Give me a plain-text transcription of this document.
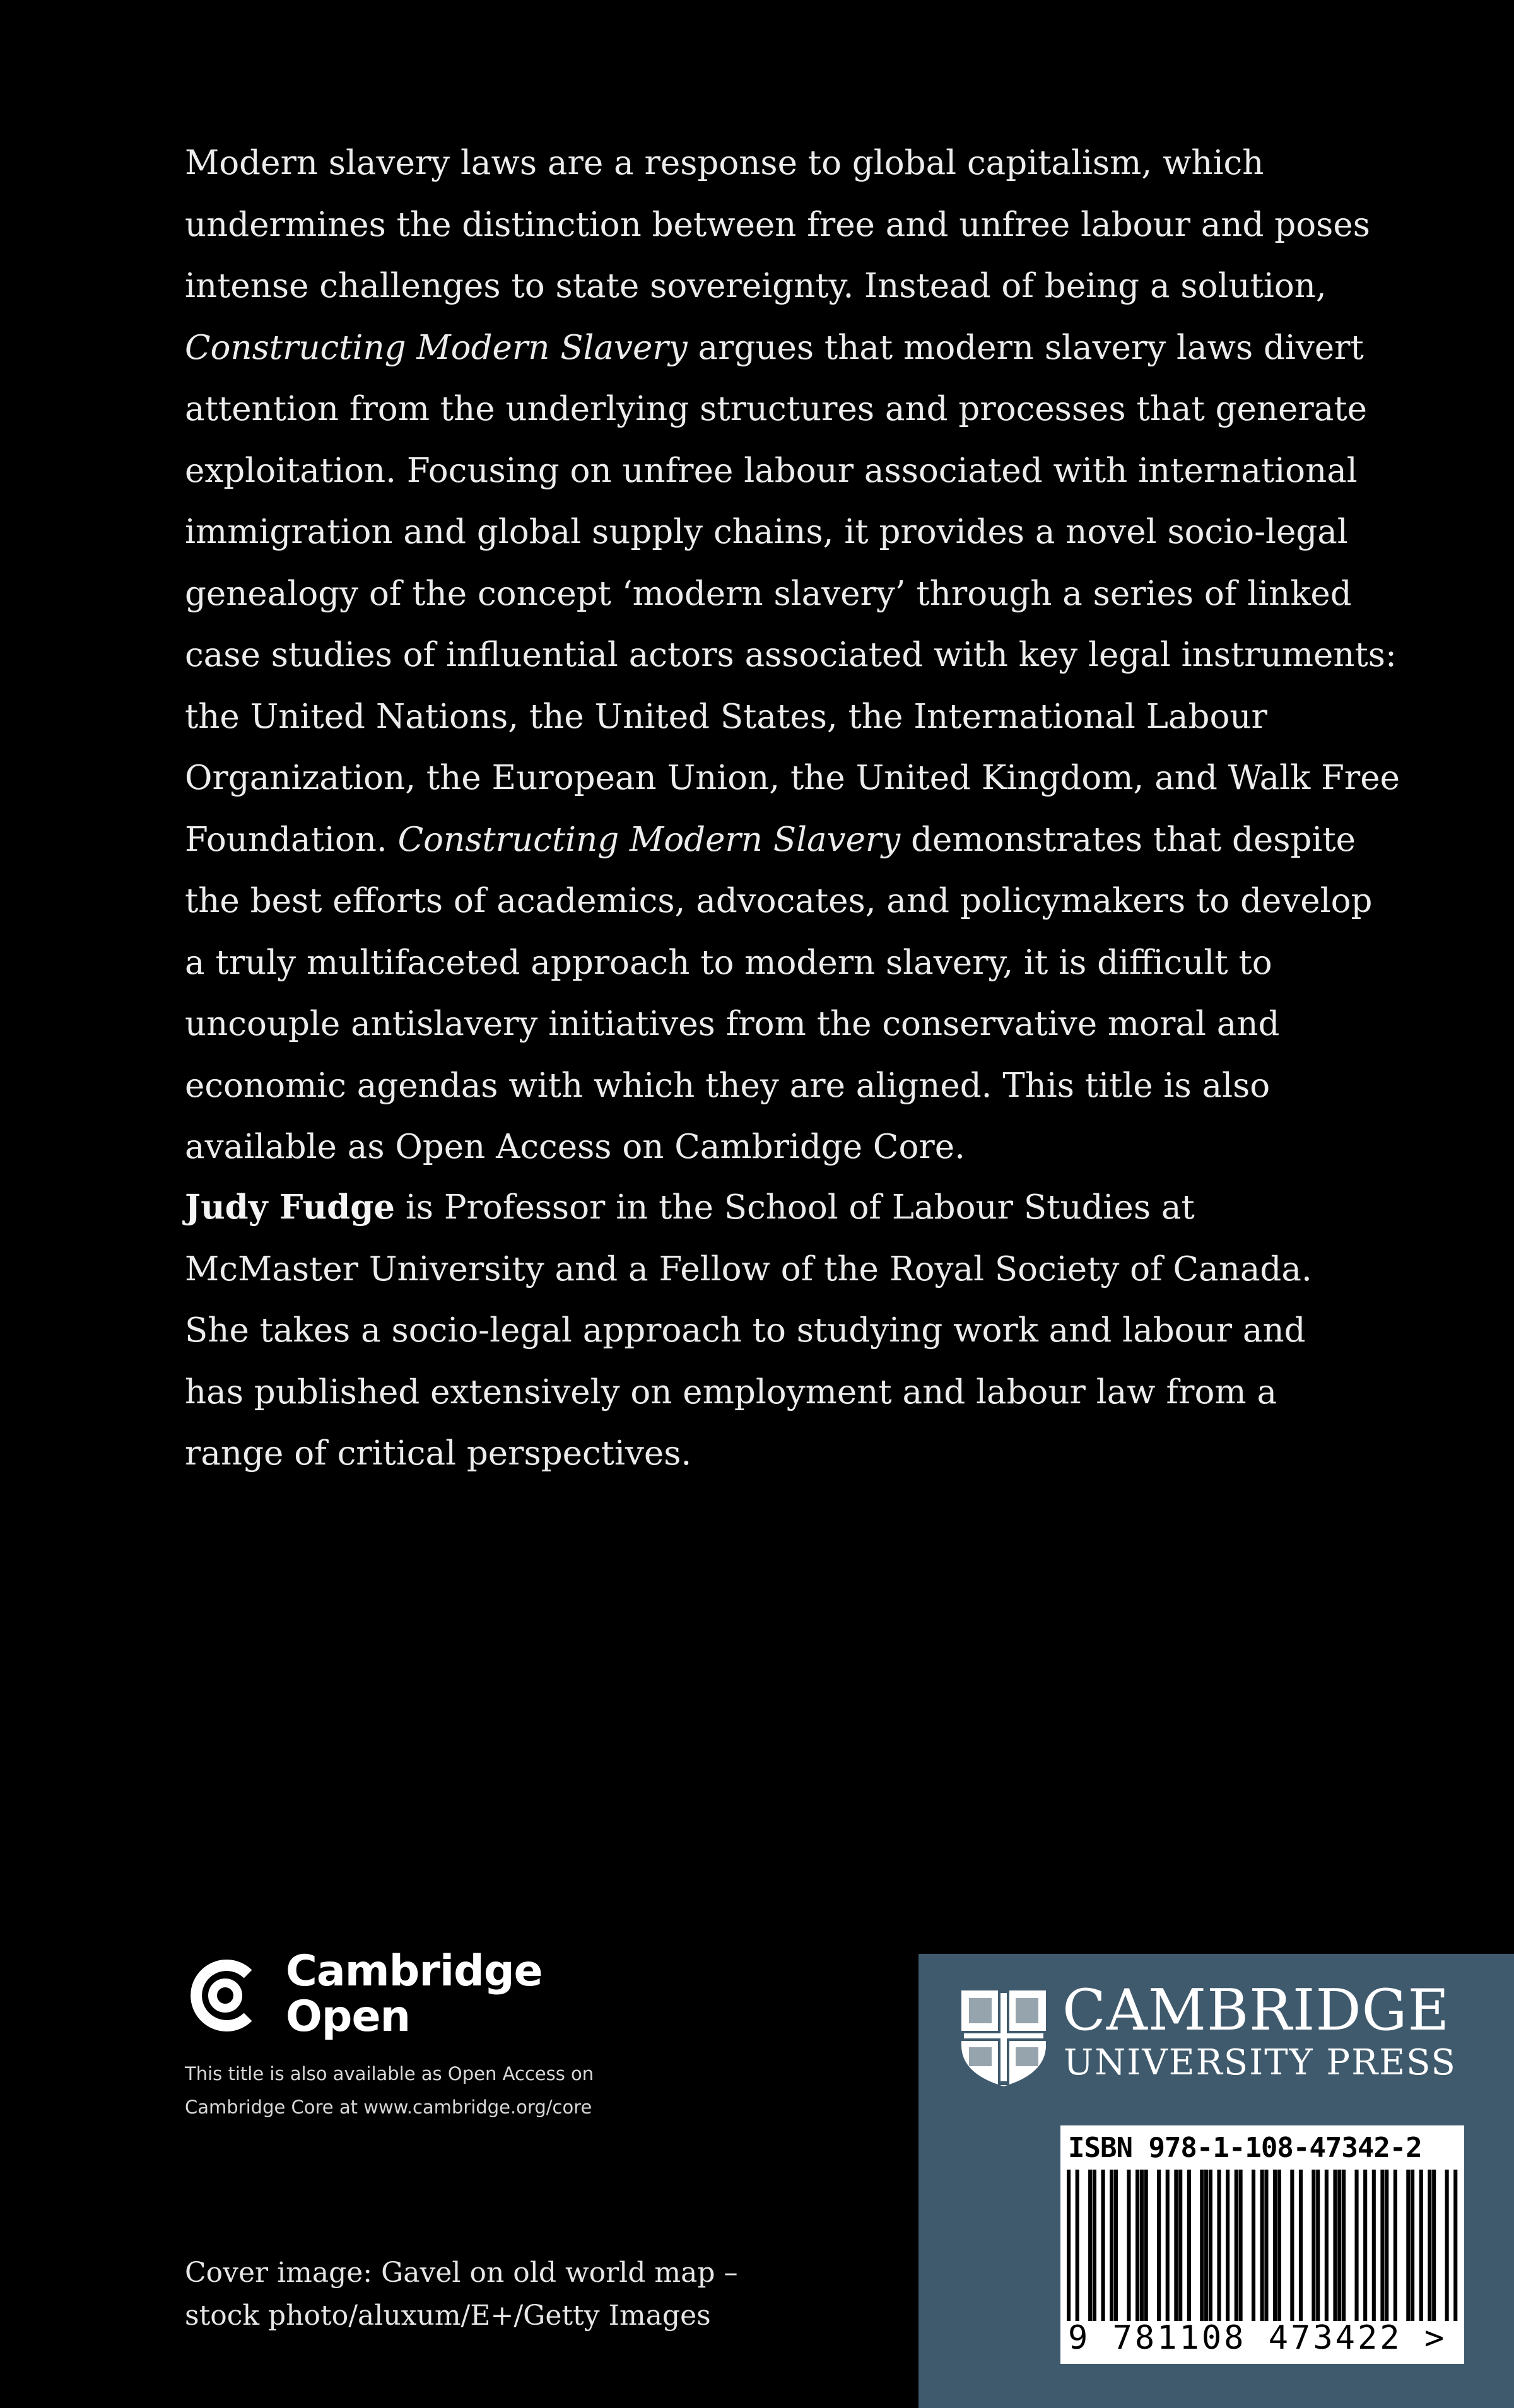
Modern slavery laws are a response to global capitalism, which undermines the distinction between free and unfree labour and poses intense challenges to state sovereignty. Instead of being a solution, Constructing Modern Slavery argues that modern slavery laws divert attention from the underlying structures and processes that generate exploitation. Focusing on unfree labour associated with international immigration and global supply chains, it provides a novel socio-legal genealogy of the concept ‘modern slavery’ through a series of linked case studies of influential actors associated with key legal instruments: the United Nations, the United States, the International Labour Organization, the European Union, the United Kingdom, and Walk Free Foundation. Constructing Modern Slavery demonstrates that despite the best efforts of academics, advocates, and policymakers to develop a truly multifaceted approach to modern slavery, it is difficult to uncouple antislavery initiatives from the conservative moral and economic agendas with which they are aligned. This title is also available as Open Access on Cambridge Core.

Judy Fudge is Professor in the School of Labour Studies at McMaster University and a Fellow of the Royal Society of Canada. She takes a socio-legal approach to studying work and labour and has published extensively on employment and labour law from a range of critical perspectives.

Cambridge
Open
This title is also available as Open Access on
Cambridge Core at www.cambridge.org/core
Cover image: Gavel on old world map –
stock photo/aluxum/E+/Getty Images
CAMBRIDGE
UNIVERSITY PRESS
ISBN 978-1-108-47342-2
9 781108 473422 >
